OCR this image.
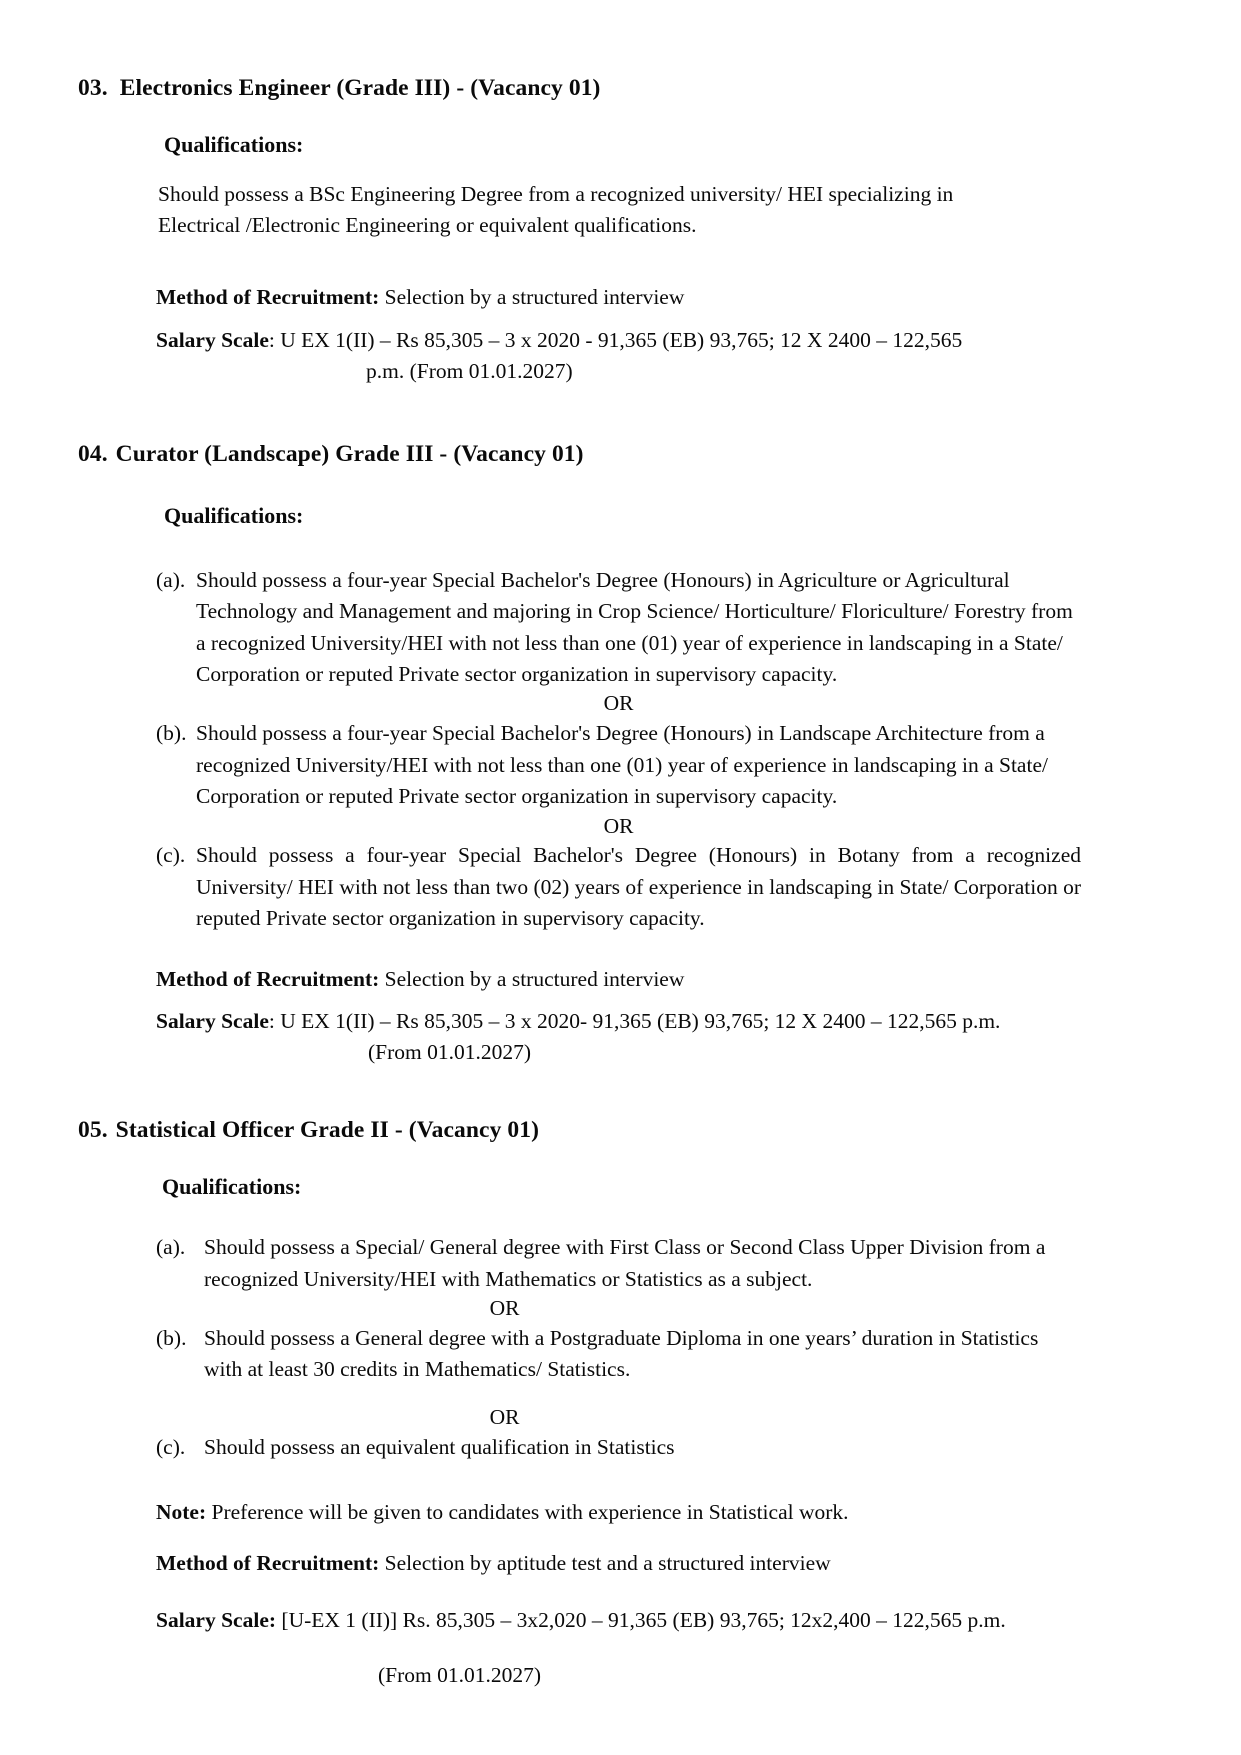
03. Electronics Engineer (Grade III) - (Vacancy 01)
Qualifications:
Should possess a BSc Engineering Degree from a recognized university/ HEI specializing in Electrical /Electronic Engineering or equivalent qualifications.
Method of Recruitment: Selection by a structured interview
Salary Scale: U EX 1(II) – Rs 85,305 – 3 x 2020 - 91,365 (EB) 93,765; 12 X 2400 – 122,565
p.m. (From 01.01.2027)
04. Curator (Landscape) Grade III - (Vacancy 01)
Qualifications:
(a). Should possess a four-year Special Bachelor's Degree (Honours) in Agriculture or Agricultural Technology and Management and majoring in Crop Science/ Horticulture/ Floriculture/ Forestry from a recognized University/HEI with not less than one (01) year of experience in landscaping in a State/ Corporation or reputed Private sector organization in supervisory capacity.
OR
(b). Should possess a four-year Special Bachelor's Degree (Honours) in Landscape Architecture from a recognized University/HEI with not less than one (01) year of experience in landscaping in a State/ Corporation or reputed Private sector organization in supervisory capacity.
OR
(c). Should possess a four-year Special Bachelor's Degree (Honours) in Botany from a recognized University/ HEI with not less than two (02) years of experience in landscaping in State/ Corporation or reputed Private sector organization in supervisory capacity.
Method of Recruitment: Selection by a structured interview
Salary Scale: U EX 1(II) – Rs 85,305 – 3 x 2020- 91,365 (EB) 93,765; 12 X 2400 – 122,565 p.m.
(From 01.01.2027)
05. Statistical Officer Grade II - (Vacancy 01)
Qualifications:
(a). Should possess a Special/ General degree with First Class or Second Class Upper Division from a recognized University/HEI with Mathematics or Statistics as a subject.
OR
(b). Should possess a General degree with a Postgraduate Diploma in one years’ duration in Statistics with at least 30 credits in Mathematics/ Statistics.
OR
(c). Should possess an equivalent qualification in Statistics
Note: Preference will be given to candidates with experience in Statistical work.
Method of Recruitment: Selection by aptitude test and a structured interview
Salary Scale: [U-EX 1 (II)] Rs. 85,305 – 3x2,020 – 91,365 (EB) 93,765; 12x2,400 – 122,565 p.m.
(From 01.01.2027)
